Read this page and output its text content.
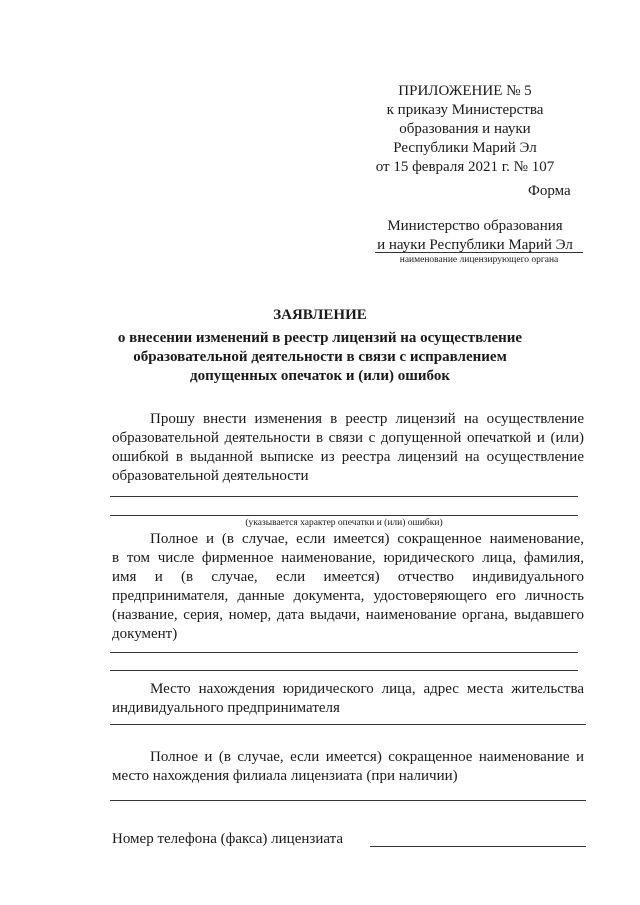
ПРИЛОЖЕНИЕ № 5
к приказу Министерства
образования и науки
Республики Марий Эл
от 15 февраля 2021 г. № 107
Форма
Министерство образования
и науки Республики Марий Эл
наименование лицензирующего органа
ЗАЯВЛЕНИЕ
о внесении изменений в реестр лицензий на осуществление
образовательной деятельности в связи с исправлением
допущенных опечаток и (или) ошибок
Прошу внести изменения в реестр лицензий на осуществление
образовательной деятельности в связи с допущенной опечаткой и (или)
ошибкой в выданной выписке из реестра лицензий на осуществление
образовательной деятельности
(указывается характер опечатки и (или) ошибки)
Полное и (в случае, если имеется) сокращенное наименование,
в том числе фирменное наименование, юридического лица, фамилия,
имя и (в случае, если имеется) отчество индивидуального
предпринимателя, данные документа, удостоверяющего его личность
(название, серия, номер, дата выдачи, наименование органа, выдавшего
документ)
Место нахождения юридического лица, адрес места жительства
индивидуального предпринимателя
Полное и (в случае, если имеется) сокращенное наименование и
место нахождения филиала лицензиата (при наличии)
Номер телефона (факса) лицензиата
